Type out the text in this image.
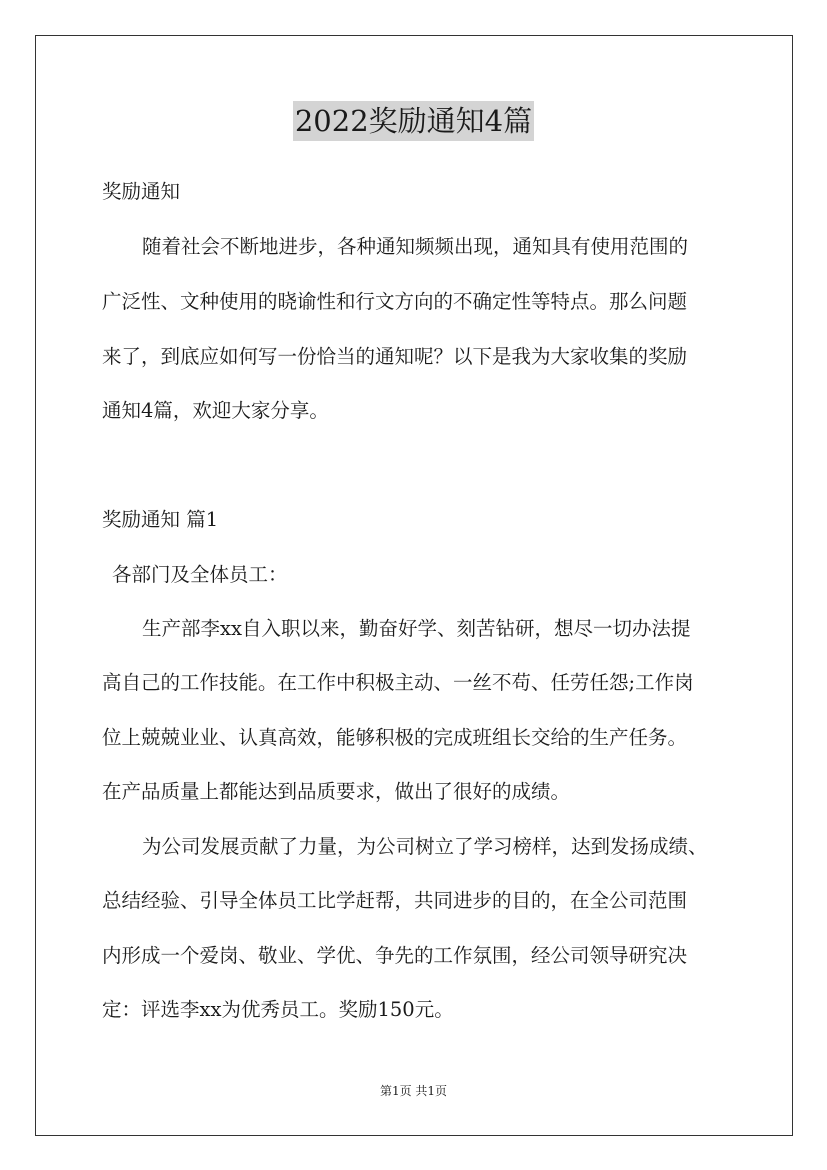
2022奖励通知4篇
奖励通知
随着社会不断地进步，各种通知频频出现，通知具有使用范围的
广泛性、文种使用的晓谕性和行文方向的不确定性等特点。那么问题
来了，到底应如何写一份恰当的通知呢？以下是我为大家收集的奖励
通知4篇，欢迎大家分享。
奖励通知 篇1
各部门及全体员工：
生产部李xx自入职以来，勤奋好学、刻苦钻研，想尽一切办法提
高自己的工作技能。在工作中积极主动、一丝不苟、任劳任怨;工作岗
位上兢兢业业、认真高效，能够积极的完成班组长交给的生产任务。
在产品质量上都能达到品质要求，做出了很好的成绩。
为公司发展贡献了力量，为公司树立了学习榜样，达到发扬成绩、
总结经验、引导全体员工比学赶帮，共同进步的目的，在全公司范围
内形成一个爱岗、敬业、学优、争先的工作氛围，经公司领导研究决
定：评选李xx为优秀员工。奖励150元。
第1页 共1页
